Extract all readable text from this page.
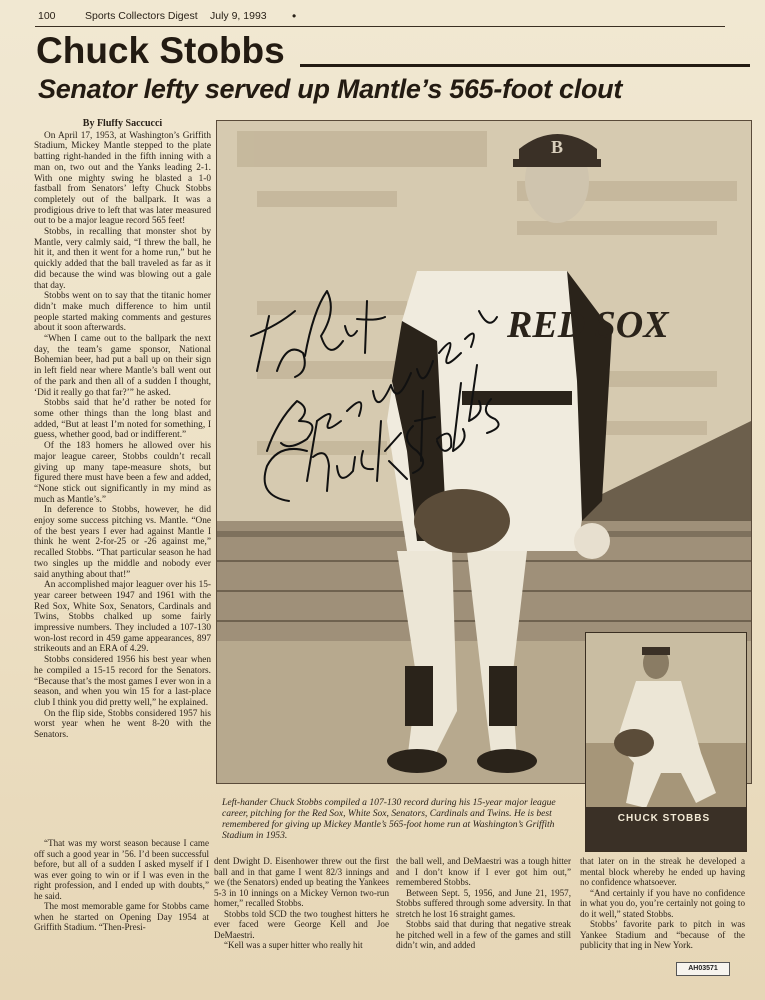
100	Sports Collectors Digest July 9, 1993 •
Chuck Stobbs
Senator lefty served up Mantle’s 565-foot clout

By Fluffy Saccucci

On April 17, 1953, at Washington’s Griffith Stadium, Mickey Mantle stepped to the plate batting right-handed in the fifth inning with a man on, two out and the Yanks leading 2-1. With one mighty swing he blasted a 1-0 fastball from Senators’ lefty Chuck Stobbs completely out of the ballpark. It was a prodigious drive to left that was later measured out to be a major league record 565 feet!

Stobbs, in recalling that monster shot by Mantle, very calmly said, “I threw the ball, he hit it, and then it went for a home run,” but he quickly added that the ball traveled as far as it did because the wind was blowing out a gale that day.

Stobbs went on to say that the titanic homer didn’t make much difference to him until people started making comments and gestures about it soon afterwards.

“When I came out to the ballpark the next day, the team’s game sponsor, National Bohemian beer, had put a ball up on their sign in left field near where Mantle’s ball went out of the park and then all of a sudden I thought, ‘Did it really go that far?’” he asked.

Stobbs said that he’d rather be noted for some other things than the long blast and added, “But at least I’m noted for something, I guess, whether good, bad or indifferent.”

Of the 183 homers he allowed over his major league career, Stobbs couldn’t recall giving up many tape-measure shots, but figured there must have been a few and added, “None stick out significantly in my mind as much as Mantle’s.”

In deference to Stobbs, however, he did enjoy some success pitching vs. Mantle. “One of the best years I ever had against Mantle I think he went 2-for-25 or -26 against me,” recalled Stobbs. “That particular season he had two singles up the middle and nobody ever said anything about that!”

An accomplished major leaguer over his 15-year career between 1947 and 1961 with the Red Sox, White Sox, Senators, Cardinals and Twins, Stobbs chalked up some fairly impressive numbers. They included a 107-130 won-lost record in 459 game appearances, 897 strikeouts and an ERA of 4.29.

Stobbs considered 1956 his best year when he compiled a 15-15 record for the Senators. “Because that’s the most games I ever won in a season, and when you win 15 for a last-place club I think you did pretty well,” he explained.

On the flip side, Stobbs considered 1957 his worst year when he went 8-20 with the Senators.

“That was my worst season because I came off such a good year in ’56. I’d been successful before, but all of a sudden I asked myself if I was ever going to win or if I was even in the right profession, and I ended up with doubts,” he said.

The most memorable game for Stobbs came when he started on Opening Day 1954 at Griffith Stadium. “Then-Presi-

B
RED SOX
CHUCK STOBBS

Left-hander Chuck Stobbs compiled a 107-130 record during his 15-year major league career, pitching for the Red Sox, White Sox, Senators, Cardinals and Twins. He is best remembered for giving up Mickey Mantle’s 565-foot home run at Washington’s Griffith Stadium in 1953.

dent Dwight D. Eisenhower threw out the first ball and in that game I went 82/3 innings and we (the Senators) ended up beating the Yankees 5-3 in 10 innings on a Mickey Vernon two-run homer,” recalled Stobbs.

Stobbs told SCD the two toughest hitters he ever faced were George Kell and Joe DeMaestri.

“Kell was a super hitter who really hit

the ball well, and DeMaestri was a tough hitter and I don’t know if I ever got him out,” remembered Stobbs.

Between Sept. 5, 1956, and June 21, 1957, Stobbs suffered through some adversity. In that stretch he lost 16 straight games.

Stobbs said that during that negative streak he pitched well in a few of the games and still didn’t win, and added

that later on in the streak he developed a mental block whereby he ended up having no confidence whatsoever.

“And certainly if you have no confidence in what you do, you’re certainly not going to do it well,” stated Stobbs.

Stobbs’ favorite park to pitch in was Yankee Stadium and “because of the publicity that ing in New York.

AH03571
